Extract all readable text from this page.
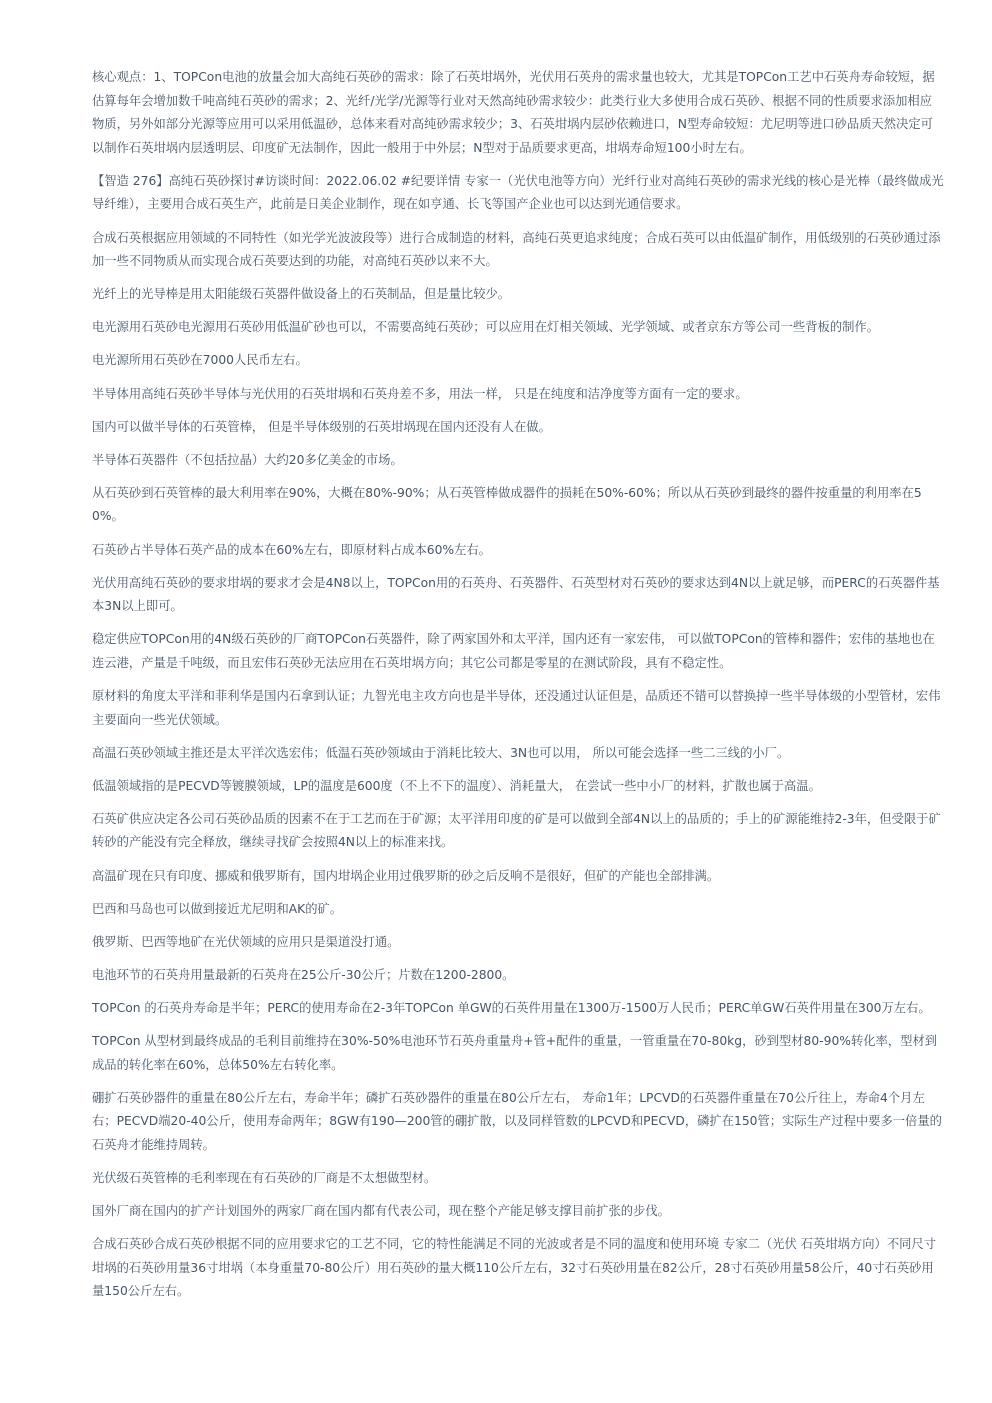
核心观点：1、TOPCon电池的放量会加大高纯石英砂的需求：除了石英坩埚外，光伏用石英舟的需求量也较大，尤其是TOPCon工艺中石英舟寿命较短，据估算每年会增加数千吨高纯石英砂的需求；2、光纤/光学/光源等行业对天然高纯砂需求较少：此类行业大多使用合成石英砂、根据不同的性质要求添加相应物质，另外如部分光源等应用可以采用低温砂，总体来看对高纯砂需求较少；3、石英坩埚内层砂依赖进口，N型寿命较短：尤尼明等进口砂品质天然决定可以制作石英坩埚内层透明层、印度矿无法制作，因此一般用于中外层；N型对于品质要求更高，坩埚寿命短100小时左右。

【智造 276】高纯石英砂探讨#访谈时间：2022.06.02 #纪要详情 专家一（光伏电池等方向）光纤行业对高纯石英砂的需求光线的核心是光棒（最终做成光导纤维），主要用合成石英生产，此前是日美企业制作，现在如亨通、长飞等国产企业也可以达到光通信要求。

合成石英根据应用领域的不同特性（如光学光波波段等）进行合成制造的材料，高纯石英更追求纯度；合成石英可以由低温矿制作，用低级别的石英砂通过添加一些不同物质从而实现合成石英要达到的功能，对高纯石英砂以来不大。

光纤上的光导棒是用太阳能级石英器件做设备上的石英制品，但是量比较少。

电光源用石英砂电光源用石英砂用低温矿砂也可以，不需要高纯石英砂；可以应用在灯相关领域、光学领域、或者京东方等公司一些背板的制作。

电光源所用石英砂在7000人民币左右。

半导体用高纯石英砂半导体与光伏用的石英坩埚和石英舟差不多，用法一样， 只是在纯度和洁净度等方面有一定的要求。

国内可以做半导体的石英管棒， 但是半导体级别的石英坩埚现在国内还没有人在做。

半导体石英器件（不包括拉晶）大约20多亿美金的市场。

从石英砂到石英管棒的最大利用率在90%，大概在80%-90%；从石英管棒做成器件的损耗在50%-60%；所以从石英砂到最终的器件按重量的利用率在50%。

石英砂占半导体石英产品的成本在60%左右，即原材料占成本60%左右。

光伏用高纯石英砂的要求坩埚的要求才会是4N8以上，TOPCon用的石英舟、石英器件、石英型材对石英砂的要求达到4N以上就足够，而PERC的石英器件基本3N以上即可。

稳定供应TOPCon用的4N级石英砂的厂商TOPCon石英器件，除了两家国外和太平洋，国内还有一家宏伟， 可以做TOPCon的管棒和器件；宏伟的基地也在连云港，产量是千吨级，而且宏伟石英砂无法应用在石英坩埚方向；其它公司都是零星的在测试阶段，具有不稳定性。

原材料的角度太平洋和菲利华是国内石拿到认证；九智光电主攻方向也是半导体，还没通过认证但是，品质还不错可以替换掉一些半导体级的小型管材，宏伟主要面向一些光伏领域。

高温石英砂领域主推还是太平洋次选宏伟；低温石英砂领域由于消耗比较大、3N也可以用， 所以可能会选择一些二三线的小厂。

低温领域指的是PECVD等镀膜领域，LP的温度是600度（不上不下的温度）、消耗量大， 在尝试一些中小厂的材料，扩散也属于高温。

石英矿供应决定各公司石英砂品质的因素不在于工艺而在于矿源；太平洋用印度的矿是可以做到全部4N以上的品质的；手上的矿源能维持2-3年，但受限于矿转砂的产能没有完全释放，继续寻找矿会按照4N以上的标准来找。

高温矿现在只有印度、挪威和俄罗斯有，国内坩埚企业用过俄罗斯的砂之后反响不是很好，但矿的产能也全部排满。

巴西和马岛也可以做到接近尤尼明和AK的矿。

俄罗斯、巴西等地矿在光伏领域的应用只是渠道没打通。

电池环节的石英舟用量最新的石英舟在25公斤-30公斤；片数在1200-2800。

TOPCon 的石英舟寿命是半年；PERC的使用寿命在2-3年TOPCon 单GW的石英件用量在1300万-1500万人民币；PERC单GW石英件用量在300万左右。

TOPCon 从型材到最终成品的毛利目前维持在30%-50%电池环节石英舟重量舟+管+配件的重量，一管重量在70-80kg，砂到型材80-90%转化率，型材到成品的转化率在60%，总体50%左右转化率。

硼扩石英砂器件的重量在80公斤左右，寿命半年；磷扩石英砂器件的重量在80公斤左右， 寿命1年；LPCVD的石英器件重量在70公斤往上，寿命4个月左右；PECVD端20-40公斤，使用寿命两年；8GW有190—200管的硼扩散，以及同样管数的LPCVD和PECVD，磷扩在150管；实际生产过程中要多一倍量的石英舟才能维持周转。

光伏级石英管棒的毛利率现在有石英砂的厂商是不太想做型材。

国外厂商在国内的扩产计划国外的两家厂商在国内都有代表公司，现在整个产能足够支撑目前扩张的步伐。

合成石英砂合成石英砂根据不同的应用要求它的工艺不同，它的特性能满足不同的光波或者是不同的温度和使用环境 专家二（光伏 石英坩埚方向）不同尺寸坩埚的石英砂用量36寸坩埚（本身重量70-80公斤）用石英砂的量大概110公斤左右，32寸石英砂用量在82公斤，28寸石英砂用量58公斤，40寸石英砂用量150公斤左右。
